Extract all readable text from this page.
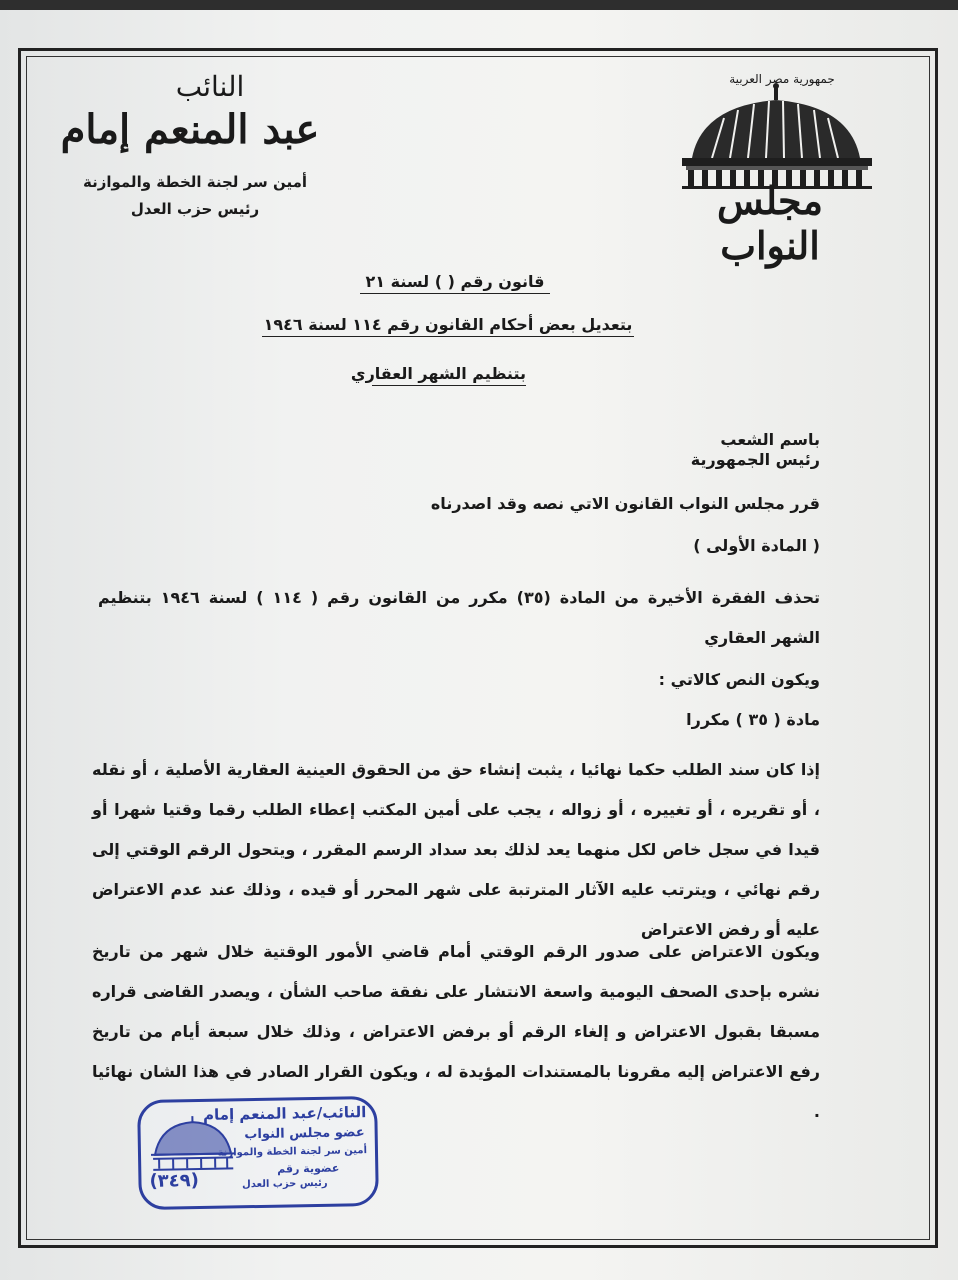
جمهورية مصر العربية
مجلس النواب
النائب
عبد المنعم إمام
أمين سر لجنة الخطة والموازنة
رئيس حزب العدل
قانون رقم ( ) لسنة ٢١
بتعديل بعض أحكام القانون رقم ١١٤ لسنة ١٩٤٦
بتنظيم الشهر العقاري
باسم الشعب
رئيس الجمهورية
قرر مجلس النواب القانون الاتي نصه وقد اصدرناه
( المادة الأولى )
تحذف الفقرة الأخيرة من المادة (٣٥) مكرر من القانون رقم ( ١١٤ ) لسنة ١٩٤٦ بتنظيم الشهر العقاري
ويكون النص كالاتي :
مادة ( ٣٥ ) مكررا
إذا كان سند الطلب حكما نهائيا ، يثبت إنشاء حق من الحقوق العينية العقارية الأصلية ، أو نقله ، أو تقريره ، أو تغييره ، أو زواله ، يجب على أمين المكتب إعطاء الطلب رقما وقتيا شهرا أو قيدا في سجل خاص لكل منهما يعد لذلك بعد سداد الرسم المقرر ، ويتحول الرقم الوقتي إلى رقم نهائي ، ويترتب عليه الآثار المترتبة على شهر المحرر أو قيده ، وذلك عند عدم الاعتراض عليه أو رفض الاعتراض
ويكون الاعتراض على صدور الرقم الوقتي أمام قاضي الأمور الوقتية خلال شهر من تاريخ نشره بإحدى الصحف اليومية واسعة الانتشار على نفقة صاحب الشأن ، ويصدر القاضى قراره مسبقا بقبول الاعتراض و إلغاء الرقم أو برفض الاعتراض ، وذلك خلال سبعة أيام من تاريخ رفع الاعتراض إليه مقرونا بالمستندات المؤيدة له ، ويكون القرار الصادر في هذا الشان نهائيا .
النائب/عبد المنعم إمام
عضو مجلس النواب
أمين سر لجنة الخطة والموازنة
عضوية رقم
رئيس حزب العدل
(٣٤٩)
